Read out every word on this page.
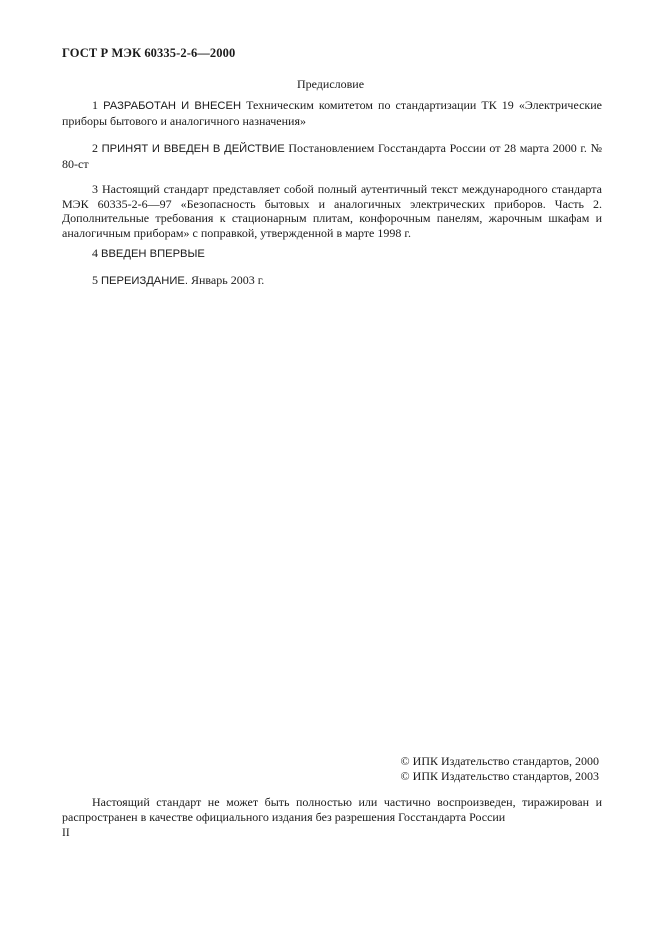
ГОСТ Р МЭК 60335-2-6—2000
Предисловие

1 РАЗРАБОТАН И ВНЕСЕН Техническим комитетом по стандартизации ТК 19 «Электрические приборы бытового и аналогичного назначения»

2 ПРИНЯТ И ВВЕДЕН В ДЕЙСТВИЕ Постановлением Госстандарта России от 28 марта 2000 г. № 80-ст

3 Настоящий стандарт представляет собой полный аутентичный текст международного стандарта МЭК 60335-2-6—97 «Безопасность бытовых и аналогичных электрических приборов. Часть 2. Дополнительные требования к стационарным плитам, конфорочным панелям, жарочным шкафам и аналогичным приборам» с поправкой, утвержденной в марте 1998 г.

4 ВВЕДЕН ВПЕРВЫЕ

5 ПЕРЕИЗДАНИЕ. Январь 2003 г.

© ИПК Издательство стандартов, 2000
© ИПК Издательство стандартов, 2003

Настоящий стандарт не может быть полностью или частично воспроизведен, тиражирован и распространен в качестве официального издания без разрешения Госстандарта России

II
